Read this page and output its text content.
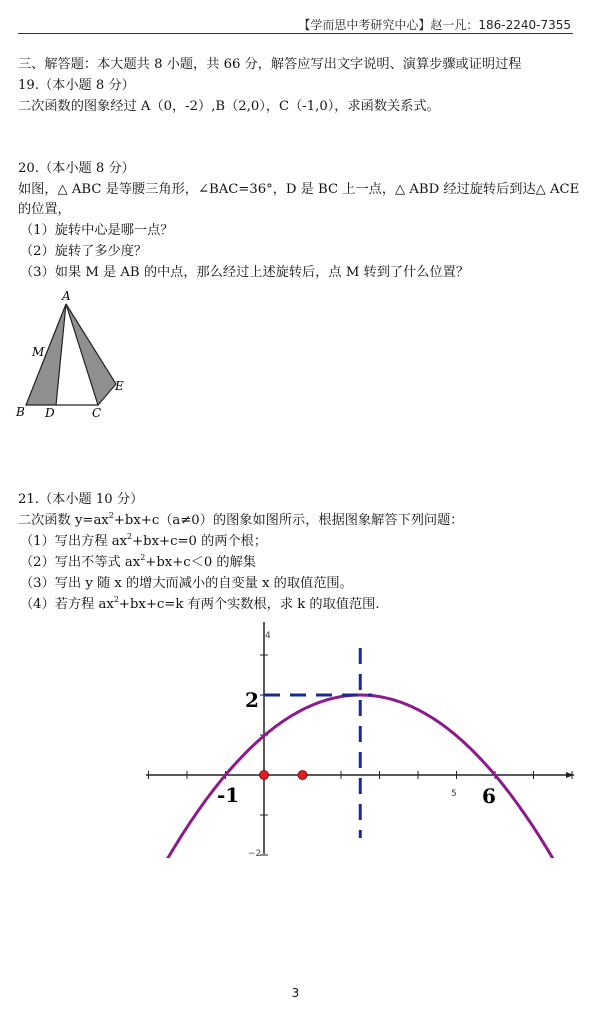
【学而思中考研究中心】赵一凡：186-2240-7355
三、解答题：本大题共 8 小题，共 66 分，解答应写出文字说明、演算步骤或证明过程
19.（本小题 8 分）
二次函数的图象经过 A（0，-2）,B（2,0），C（-1,0），求函数关系式。
20.（本小题 8 分）
如图，△ ABC 是等腰三角形，∠BAC=36°，D 是 BC 上一点，△ ABD 经过旋转后到达△ ACE
的位置，
（1）旋转中心是哪一点？
（2）旋转了多少度？
（3）如果 M 是 AB 的中点，那么经过上述旋转后，点 M 转到了什么位置？
A
M
E
B D	C
21.（本小题 10 分）
二次函数 $y=ax^2+bx+c(a\ne 0)$的图象如图所示，根据图象解答下列问题：
（1）写出方程 $ax^2+bx+c=0$ 的两个根；
（2）写出不等式 $ax^2+bx+c<0$ 的解集
（3）写出 y 随 x 的增大而减小的自变量 x 的取值范围。
（4）若方程 $ax^2+bx+c=k$ 有两个实数根，求 k 的取值范围.
4
2
-1	5 6
−2
3
